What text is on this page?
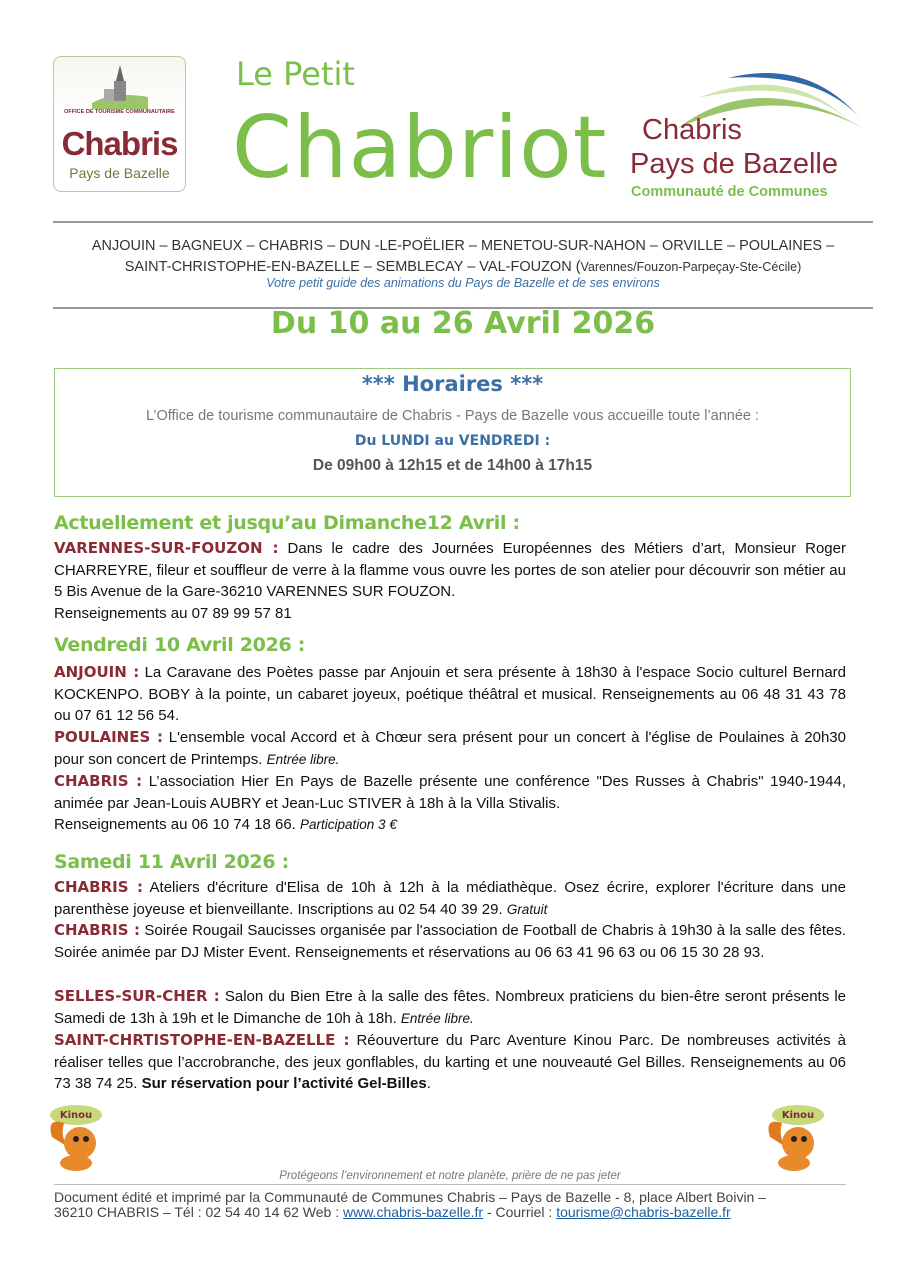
OFFICE DE TOURISME COMMUNAUTAIRE
Chabris
Pays de Bazelle
Le Petit
Chabriot Chabris
Pays de Bazelle
Communauté de Communes
ANJOUIN – BAGNEUX – CHABRIS – DUN -LE-POËLIER – MENETOU-SUR-NAHON – ORVILLE – POULAINES –
SAINT-CHRISTOPHE-EN-BAZELLE – SEMBLECAY – VAL-FOUZON (Varennes/Fouzon-Parpeçay-Ste-Cécile)
Votre petit guide des animations du Pays de Bazelle et de ses environs
Du 10 au 26 Avril 2026
*** Horaires ***
L’Office de tourisme communautaire de Chabris - Pays de Bazelle vous accueille toute l’année :
Du LUNDI au VENDREDI :
De 09h00 à 12h15 et de 14h00 à 17h15
Actuellement et jusqu’au Dimanche12 Avril :
VARENNES-SUR-FOUZON : Dans le cadre des Journées Européennes des Métiers d’art, Monsieur Roger CHARREYRE, fileur et souffleur de verre à la flamme vous ouvre les portes de son atelier pour découvrir son métier au 5 Bis Avenue de la Gare-36210 VARENNES SUR FOUZON.
Renseignements au 07 89 99 57 81
Vendredi 10 Avril 2026 :
ANJOUIN : La Caravane des Poètes passe par Anjouin et sera présente à 18h30 à l'espace Socio culturel Bernard KOCKENPO. BOBY à la pointe, un cabaret joyeux, poétique théâtral et musical. Renseignements au 06 48 31 43 78 ou 07 61 12 56 54.
POULAINES : L'ensemble vocal Accord et à Chœur sera présent pour un concert à l'église de Poulaines à 20h30 pour son concert de Printemps. Entrée libre.
CHABRIS : L’association Hier En Pays de Bazelle présente une conférence "Des Russes à Chabris" 1940-1944, animée par Jean-Louis AUBRY et Jean-Luc STIVER à 18h à la Villa Stivalis.
Renseignements au 06 10 74 18 66. Participation 3 €
Samedi 11 Avril 2026 :
CHABRIS : Ateliers d'écriture d'Elisa de 10h à 12h à la médiathèque. Osez écrire, explorer l'écriture dans une parenthèse joyeuse et bienveillante. Inscriptions au 02 54 40 39 29. Gratuit
CHABRIS : Soirée Rougail Saucisses organisée par l'association de Football de Chabris à 19h30 à la salle des fêtes. Soirée animée par DJ Mister Event. Renseignements et réservations au 06 63 41 96 63 ou 06 15 30 28 93.
SELLES-SUR-CHER : Salon du Bien Etre à la salle des fêtes. Nombreux praticiens du bien-être seront présents le Samedi de 13h à 19h et le Dimanche de 10h à 18h. Entrée libre.
SAINT-CHRTISTOPHE-EN-BAZELLE : Réouverture du Parc Aventure Kinou Parc. De nombreuses activités à réaliser telles que l’accrobranche, des jeux gonflables, du karting et une nouveauté Gel Billes. Renseignements au 06 73 38 74 25. Sur réservation pour l’activité Gel-Billes.
Kinou	Kinou
Protégeons l’environnement et notre planète, prière de ne pas jeter
Document édité et imprimé par la Communauté de Communes Chabris – Pays de Bazelle - 8, place Albert Boivin –
36210 CHABRIS – Tél : 02 54 40 14 62 Web : www.chabris-bazelle.fr - Courriel : tourisme@chabris-bazelle.fr
